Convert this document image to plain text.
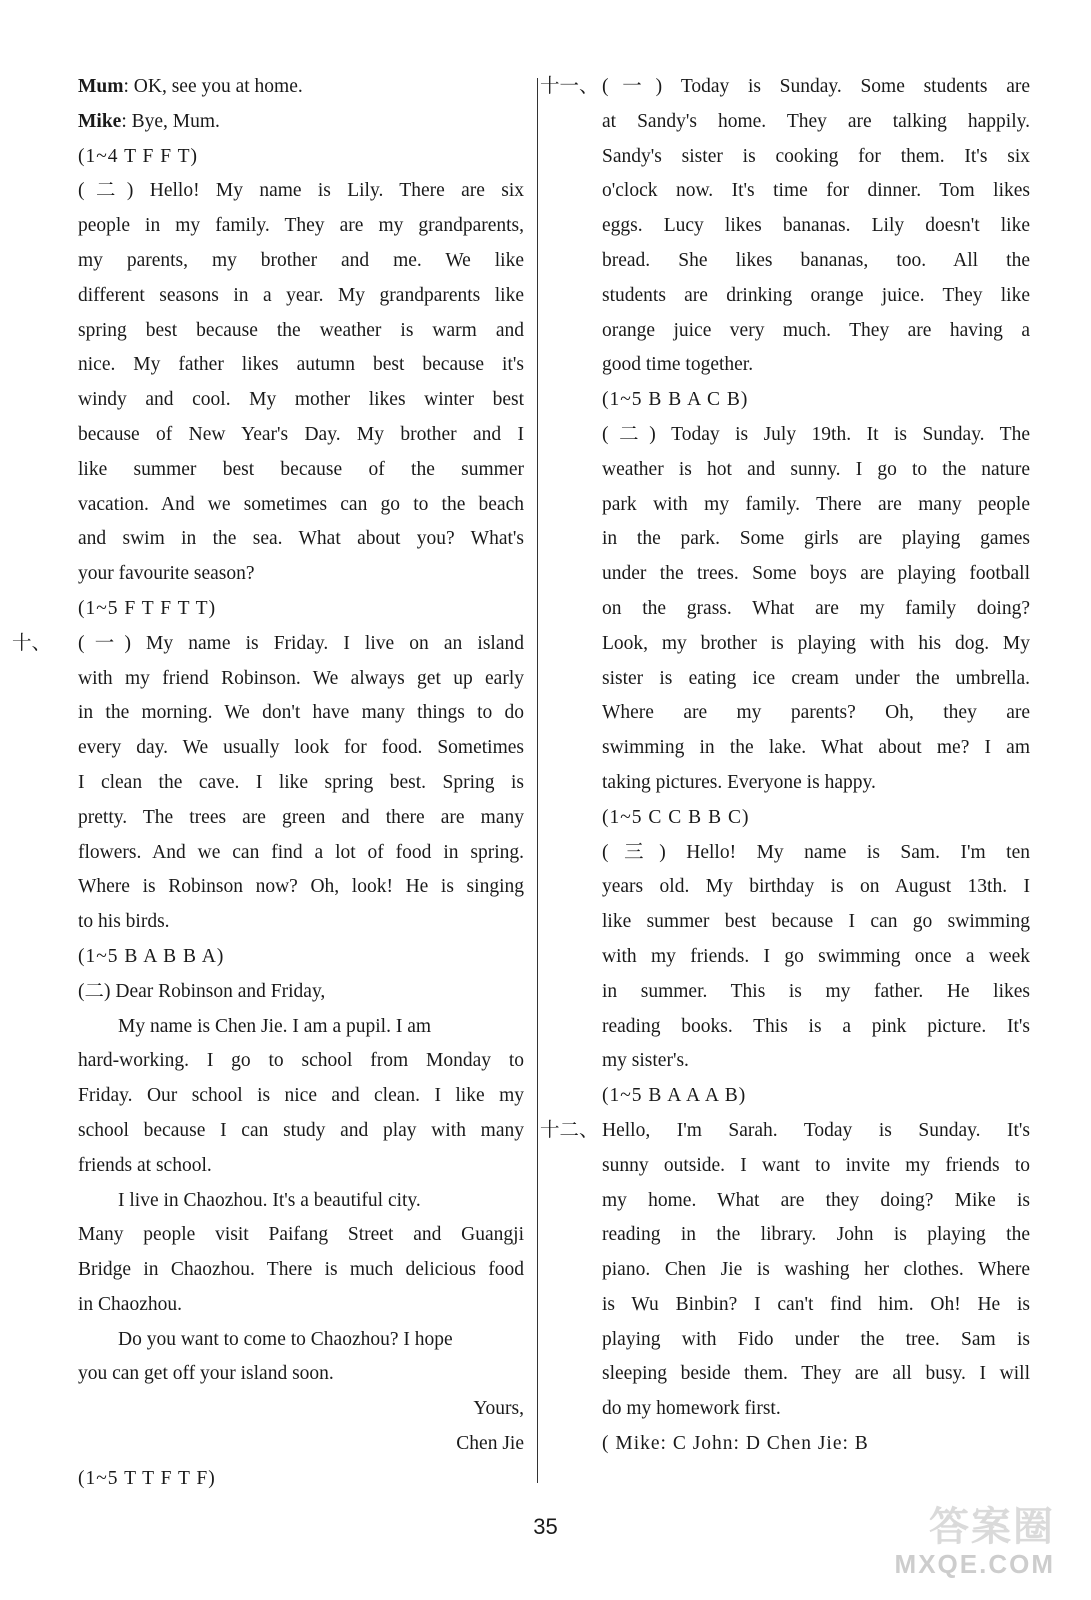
Mum: OK, see you at home.
Mike: Bye, Mum.
(1~4 T F F T)
(二) Hello! My name is Lily. There are six
people in my family. They are my grandparents,
my parents, my brother and me. We like
different seasons in a year. My grandparents like
spring best because the weather is warm and
nice. My father likes autumn best because it's
windy and cool. My mother likes winter best
because of New Year's Day. My brother and I
like summer best because of the summer
vacation. And we sometimes can go to the beach
and swim in the sea. What about you? What's
your favourite season?
(1~5 F T F T T)
十、 (一) My name is Friday. I live on an island
with my friend Robinson. We always get up early
in the morning. We don't have many things to do
every day. We usually look for food. Sometimes
I clean the cave. I like spring best. Spring is
pretty. The trees are green and there are many
flowers. And we can find a lot of food in spring.
Where is Robinson now? Oh, look! He is singing
to his birds.
(1~5 B A B B A)
(二) Dear Robinson and Friday,
My name is Chen Jie. I am a pupil. I am
hard-working. I go to school from Monday to
Friday. Our school is nice and clean. I like my
school because I can study and play with many
friends at school.
I live in Chaozhou. It's a beautiful city.
Many people visit Paifang Street and Guangji
Bridge in Chaozhou. There is much delicious food
in Chaozhou.
Do you want to come to Chaozhou? I hope
you can get off your island soon.
Yours,
Chen Jie
(1~5 T T F T F)
十一、 (一) Today is Sunday. Some students are
at Sandy's home. They are talking happily.
Sandy's sister is cooking for them. It's six
o'clock now. It's time for dinner. Tom likes
eggs. Lucy likes bananas. Lily doesn't like
bread. She likes bananas, too. All the
students are drinking orange juice. They like
orange juice very much. They are having a
good time together.
(1~5 B B A C B)
(二) Today is July 19th. It is Sunday. The
weather is hot and sunny. I go to the nature
park with my family. There are many people
in the park. Some girls are playing games
under the trees. Some boys are playing football
on the grass. What are my family doing?
Look, my brother is playing with his dog. My
sister is eating ice cream under the umbrella.
Where are my parents? Oh, they are
swimming in the lake. What about me? I am
taking pictures. Everyone is happy.
(1~5 C C B B C)
(三) Hello! My name is Sam. I'm ten
years old. My birthday is on August 13th. I
like summer best because I can go swimming
with my friends. I go swimming once a week
in summer. This is my father. He likes
reading books. This is a pink picture. It's
my sister's.
(1~5 B A A A B)
十二、 Hello, I'm Sarah. Today is Sunday. It's
sunny outside. I want to invite my friends to
my home. What are they doing? Mike is
reading in the library. John is playing the
piano. Chen Jie is washing her clothes. Where
is Wu Binbin? I can't find him. Oh! He is
playing with Fido under the tree. Sam is
sleeping beside them. They are all busy. I will
do my homework first.
( Mike: C John: D Chen Jie: B
35	答案圈
MXQE.COM
